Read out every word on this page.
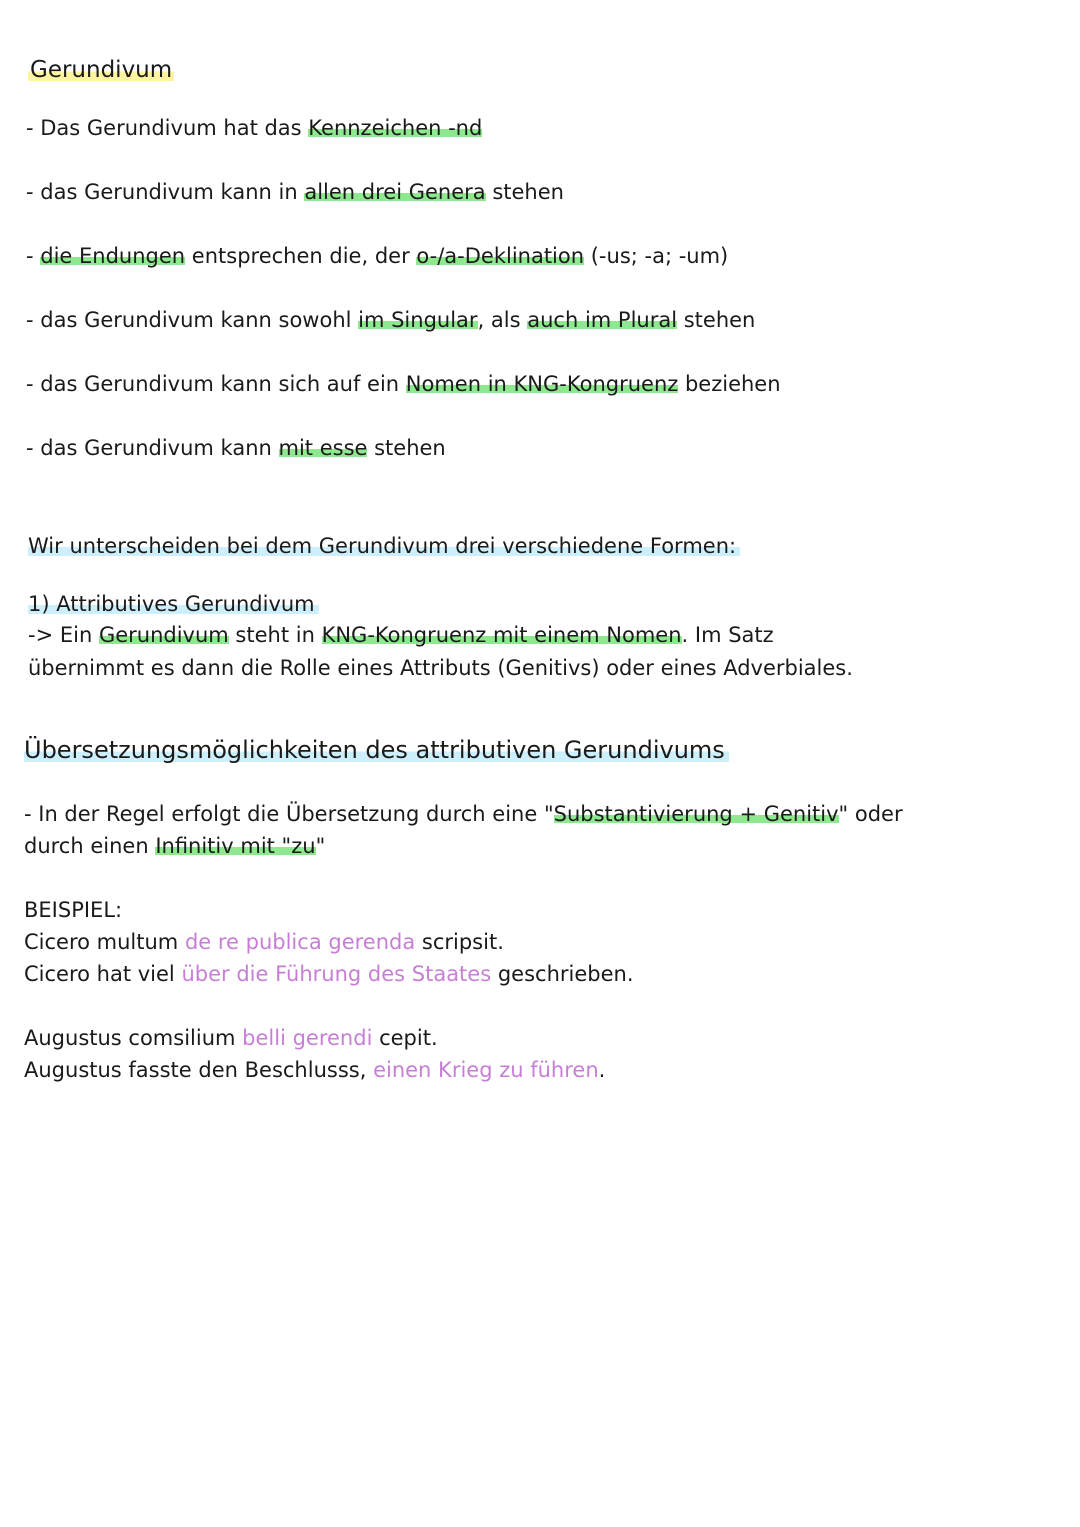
Gerundivum
- Das Gerundivum hat das Kennzeichen -nd
- das Gerundivum kann in allen drei Genera stehen
- die Endungen entsprechen die, der o-/a-Deklination (-us; -a; -um)
- das Gerundivum kann sowohl im Singular, als auch im Plural stehen
- das Gerundivum kann sich auf ein Nomen in KNG-Kongruenz beziehen
- das Gerundivum kann mit esse stehen
Wir unterscheiden bei dem Gerundivum drei verschiedene Formen:
1) Attributives Gerundivum
-> Ein Gerundivum steht in KNG-Kongruenz mit einem Nomen. Im Satz
übernimmt es dann die Rolle eines Attributs (Genitivs) oder eines Adverbiales.
Übersetzungsmöglichkeiten des attributiven Gerundivums
- In der Regel erfolgt die Übersetzung durch eine "Substantivierung + Genitiv" oder
durch einen Infinitiv mit "zu"
BEISPIEL:
Cicero multum de re publica gerenda scripsit.
Cicero hat viel über die Führung des Staates geschrieben.
Augustus comsilium belli gerendi cepit.
Augustus fasste den Beschlusss, einen Krieg zu führen.
